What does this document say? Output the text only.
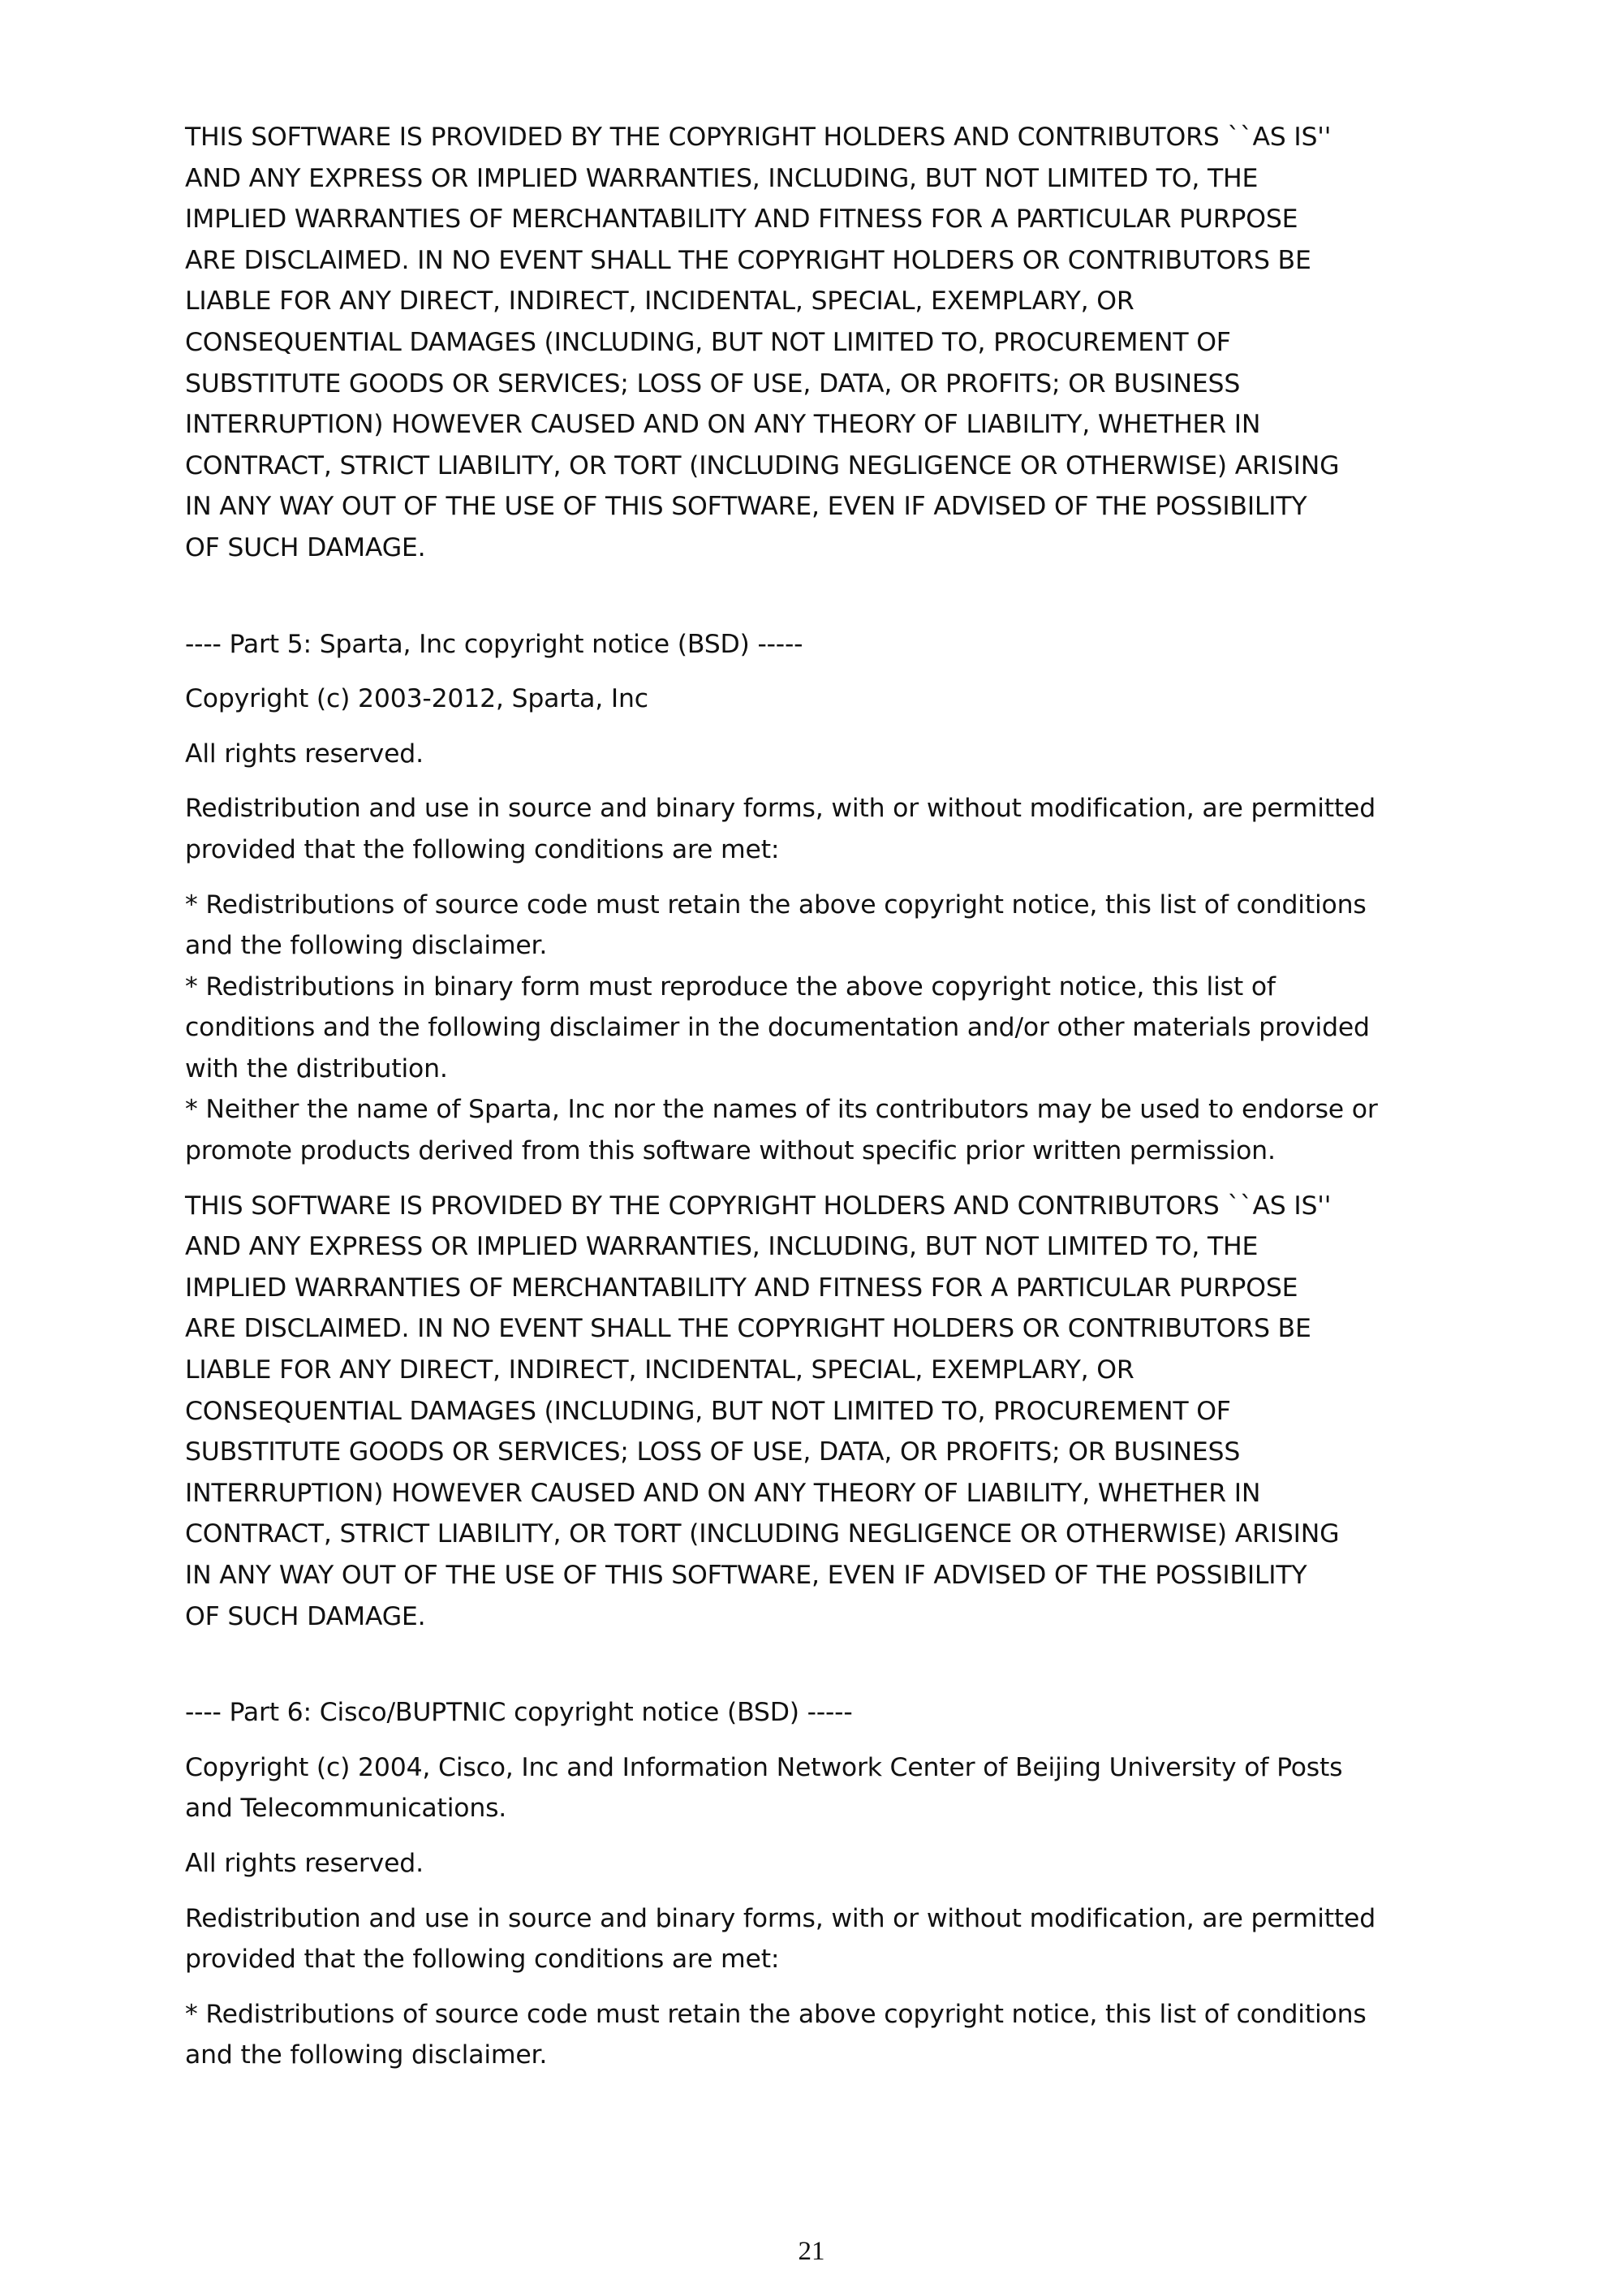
THIS SOFTWARE IS PROVIDED BY THE COPYRIGHT HOLDERS AND CONTRIBUTORS ``AS IS''
AND ANY EXPRESS OR IMPLIED WARRANTIES, INCLUDING, BUT NOT LIMITED TO, THE
IMPLIED WARRANTIES OF MERCHANTABILITY AND FITNESS FOR A PARTICULAR PURPOSE
ARE DISCLAIMED. IN NO EVENT SHALL THE COPYRIGHT HOLDERS OR CONTRIBUTORS BE
LIABLE FOR ANY DIRECT, INDIRECT, INCIDENTAL, SPECIAL, EXEMPLARY, OR
CONSEQUENTIAL DAMAGES (INCLUDING, BUT NOT LIMITED TO, PROCUREMENT OF
SUBSTITUTE GOODS OR SERVICES; LOSS OF USE, DATA, OR PROFITS; OR BUSINESS
INTERRUPTION) HOWEVER CAUSED AND ON ANY THEORY OF LIABILITY, WHETHER IN
CONTRACT, STRICT LIABILITY, OR TORT (INCLUDING NEGLIGENCE OR OTHERWISE) ARISING
IN ANY WAY OUT OF THE USE OF THIS SOFTWARE, EVEN IF ADVISED OF THE POSSIBILITY
OF SUCH DAMAGE.

---- Part 5: Sparta, Inc copyright notice (BSD) -----

Copyright (c) 2003-2012, Sparta, Inc

All rights reserved.

Redistribution and use in source and binary forms, with or without modification, are permitted
provided that the following conditions are met:

* Redistributions of source code must retain the above copyright notice, this list of conditions
and the following disclaimer.
* Redistributions in binary form must reproduce the above copyright notice, this list of
conditions and the following disclaimer in the documentation and/or other materials provided
with the distribution.
* Neither the name of Sparta, Inc nor the names of its contributors may be used to endorse or
promote products derived from this software without specific prior written permission.

THIS SOFTWARE IS PROVIDED BY THE COPYRIGHT HOLDERS AND CONTRIBUTORS ``AS IS''
AND ANY EXPRESS OR IMPLIED WARRANTIES, INCLUDING, BUT NOT LIMITED TO, THE
IMPLIED WARRANTIES OF MERCHANTABILITY AND FITNESS FOR A PARTICULAR PURPOSE
ARE DISCLAIMED. IN NO EVENT SHALL THE COPYRIGHT HOLDERS OR CONTRIBUTORS BE
LIABLE FOR ANY DIRECT, INDIRECT, INCIDENTAL, SPECIAL, EXEMPLARY, OR
CONSEQUENTIAL DAMAGES (INCLUDING, BUT NOT LIMITED TO, PROCUREMENT OF
SUBSTITUTE GOODS OR SERVICES; LOSS OF USE, DATA, OR PROFITS; OR BUSINESS
INTERRUPTION) HOWEVER CAUSED AND ON ANY THEORY OF LIABILITY, WHETHER IN
CONTRACT, STRICT LIABILITY, OR TORT (INCLUDING NEGLIGENCE OR OTHERWISE) ARISING
IN ANY WAY OUT OF THE USE OF THIS SOFTWARE, EVEN IF ADVISED OF THE POSSIBILITY
OF SUCH DAMAGE.

---- Part 6: Cisco/BUPTNIC copyright notice (BSD) -----

Copyright (c) 2004, Cisco, Inc and Information Network Center of Beijing University of Posts
and Telecommunications.

All rights reserved.

Redistribution and use in source and binary forms, with or without modification, are permitted
provided that the following conditions are met:

* Redistributions of source code must retain the above copyright notice, this list of conditions
and the following disclaimer.

21
